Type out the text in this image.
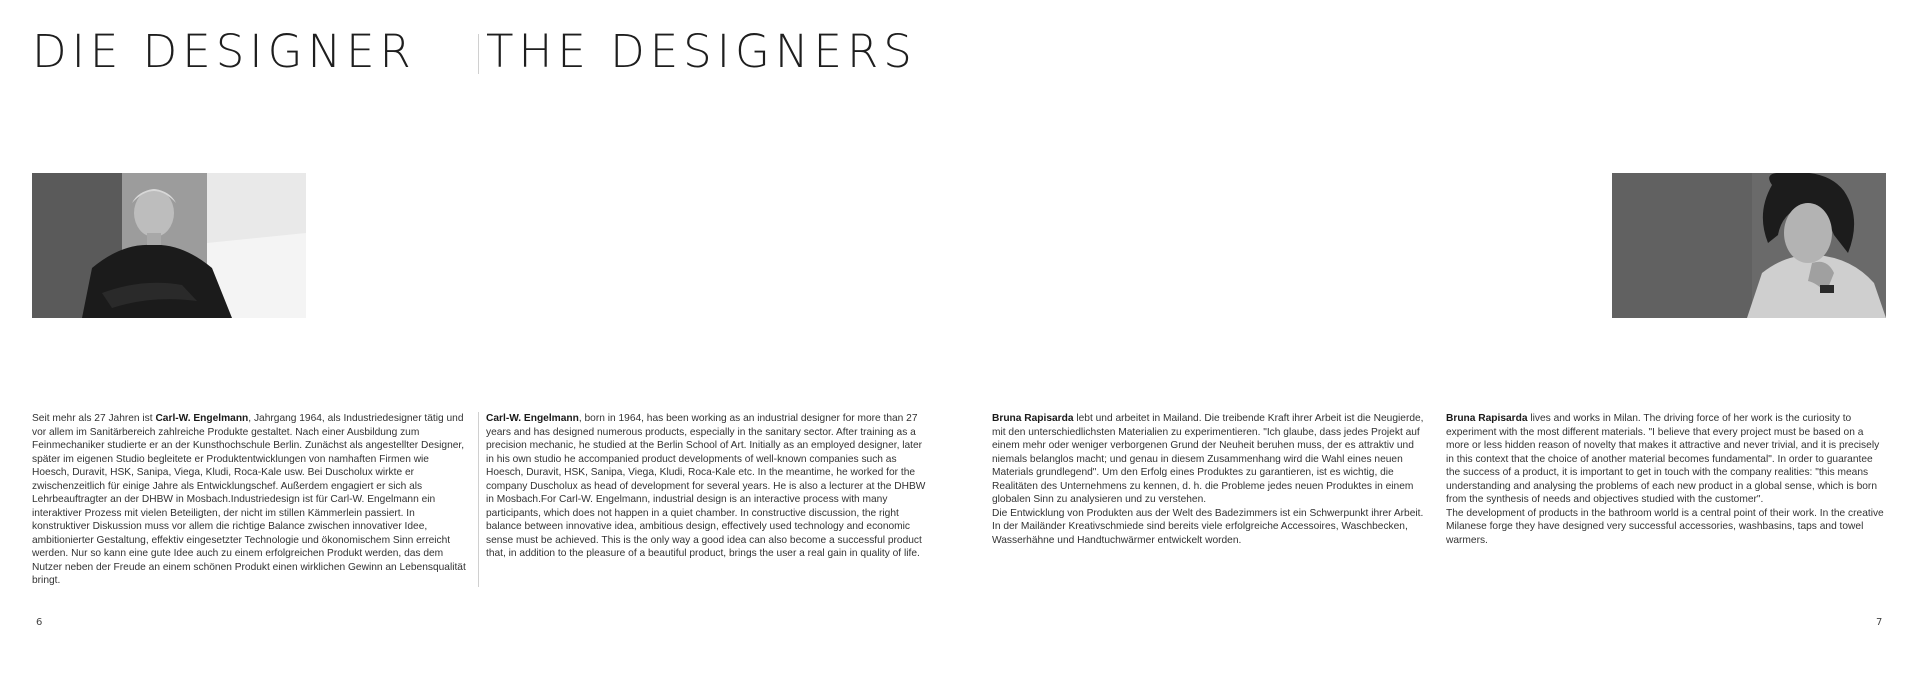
DIE DESIGNER THE DESIGNERS

Seit mehr als 27 Jahren ist Carl-W. Engelmann, Jahrgang 1964, als Industriedesigner tätig und vor allem im Sanitärbereich zahlreiche Produkte gestaltet. Nach einer Ausbildung zum Feinmechaniker studierte er an der Kunsthochschule Berlin. Zunächst als angestellter Designer, später im eigenen Studio begleitete er Produktentwicklungen von namhaften Firmen wie Hoesch, Duravit, HSK, Sanipa, Viega, Kludi, Roca-Kale usw. Bei Duscholux wirkte er zwischenzeitlich für einige Jahre als Entwicklungschef. Außerdem engagiert er sich als Lehrbeauftragter an der DHBW in Mosbach.Industriedesign ist für Carl-W. Engelmann ein interaktiver Prozess mit vielen Beteiligten, der nicht im stillen Kämmerlein passiert. In konstruktiver Diskussion muss vor allem die richtige Balance zwischen innovativer Idee, ambitionierter Gestaltung, effektiv eingesetzter Technologie und ökonomischem Sinn erreicht werden. Nur so kann eine gute Idee auch zu einem erfolgreichen Produkt werden, das dem Nutzer neben der Freude an einem schönen Produkt einen wirklichen Gewinn an Lebensqualität bringt.

Carl-W. Engelmann, born in 1964, has been working as an industrial designer for more than 27 years and has designed numerous products, especially in the sanitary sector. After training as a precision mechanic, he studied at the Berlin School of Art. Initially as an employed designer, later in his own studio he accompanied product developments of well-known companies such as Hoesch, Duravit, HSK, Sanipa, Viega, Kludi, Roca-Kale etc. In the meantime, he worked for the company Duscholux as head of development for several years. He is also a lecturer at the DHBW in Mosbach.For Carl-W. Engelmann, industrial design is an interactive process with many participants, which does not happen in a quiet chamber. In constructive discussion, the right balance between innovative idea, ambitious design, effectively used technology and economic sense must be achieved. This is the only way a good idea can also become a successful product that, in addition to the pleasure of a beautiful product, brings the user a real gain in quality of life.

Bruna Rapisarda lebt und arbeitet in Mailand. Die treibende Kraft ihrer Arbeit ist die Neugierde, mit den unterschiedlichsten Materialien zu experimentieren. "Ich glaube, dass jedes Projekt auf einem mehr oder weniger verborgenen Grund der Neuheit beruhen muss, der es attraktiv und niemals belanglos macht; und genau in diesem Zusammenhang wird die Wahl eines neuen Materials grundlegend". Um den Erfolg eines Produktes zu garantieren, ist es wichtig, die Realitäten des Unternehmens zu kennen, d. h. die Probleme jedes neuen Produktes in einem globalen Sinn zu analysieren und zu verstehen.

Die Entwicklung von Produkten aus der Welt des Badezimmers ist ein Schwerpunkt ihrer Arbeit. In der Mailänder Kreativschmiede sind bereits viele erfolgreiche Accessoires, Waschbecken, Wasserhähne und Handtuchwärmer entwickelt worden.

Bruna Rapisarda lives and works in Milan. The driving force of her work is the curiosity to experiment with the most different materials. "I believe that every project must be based on a more or less hidden reason of novelty that makes it attractive and never trivial, and it is precisely in this context that the choice of another material becomes fundamental". In order to guarantee the success of a product, it is important to get in touch with the company realities: "this means understanding and analysing the problems of each new product in a global sense, which is born from the synthesis of needs and objectives studied with the customer".

The development of products in the bathroom world is a central point of their work. In the creative Milanese forge they have designed very successful accessories, washbasins, taps and towel warmers.

6	7
